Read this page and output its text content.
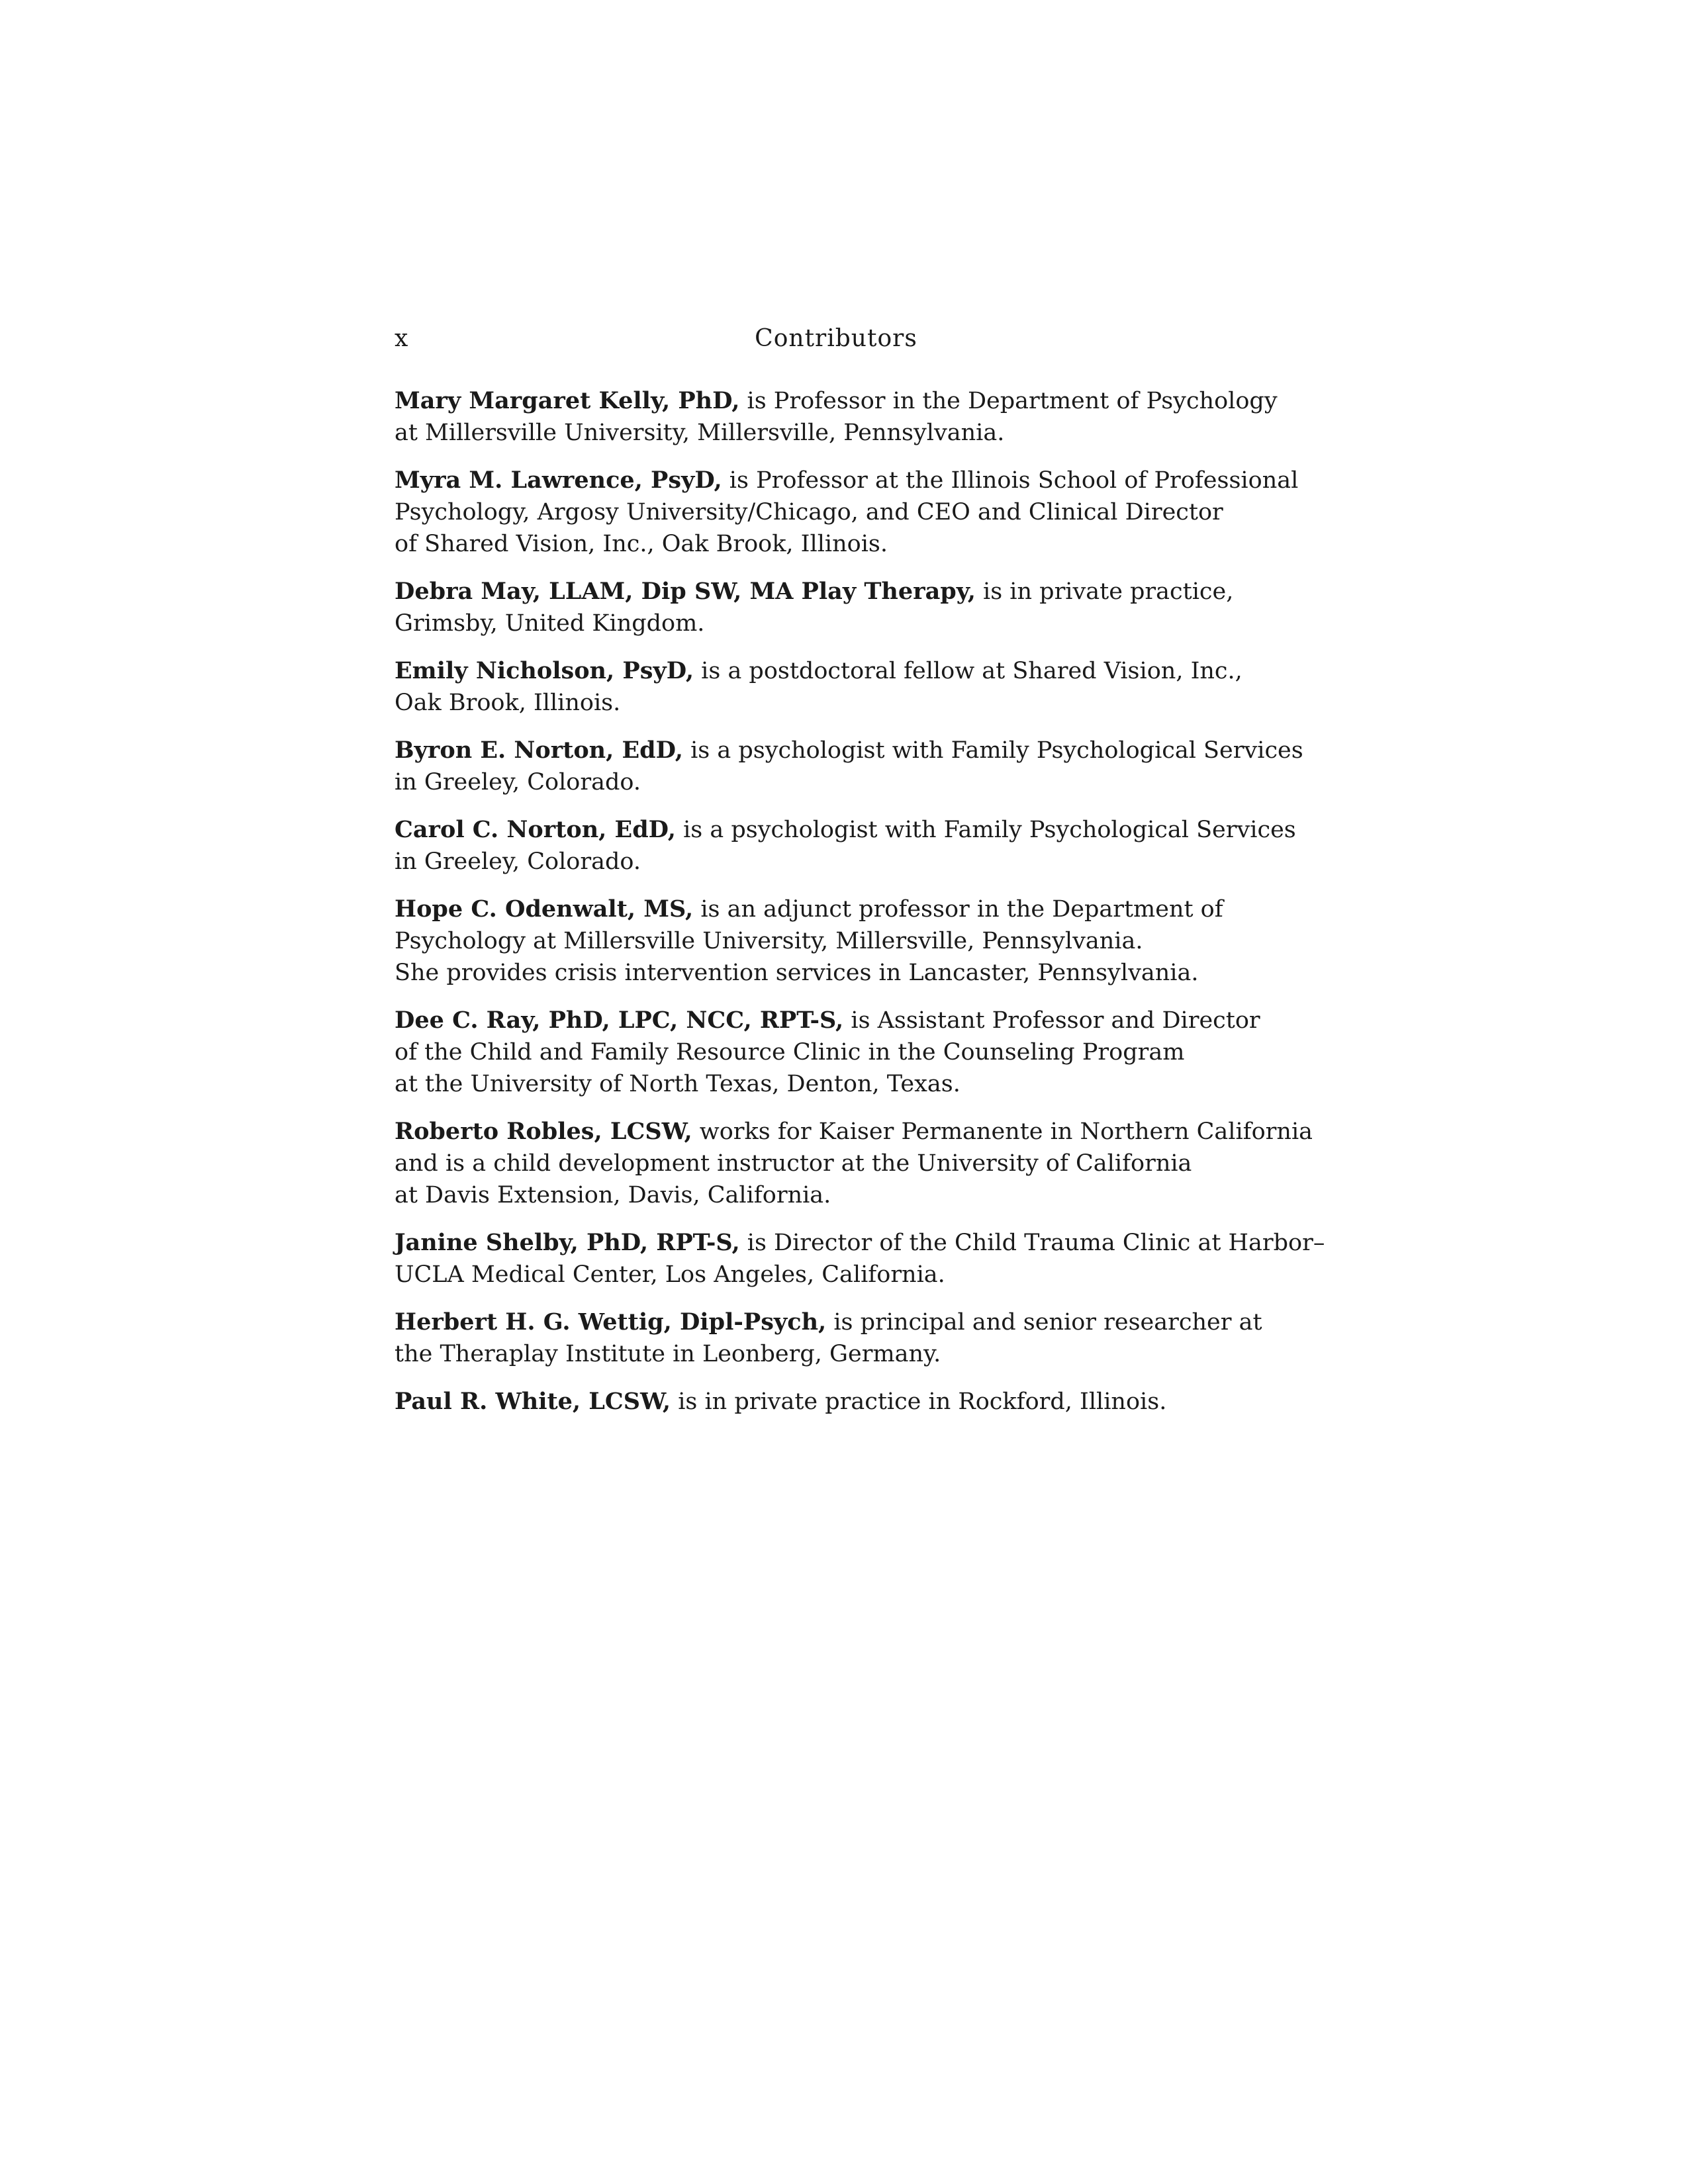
x	Contributors
Mary Margaret Kelly, PhD, is Professor in the Department of Psychology
at Millersville University, Millersville, Pennsylvania.
Myra M. Lawrence, PsyD, is Professor at the Illinois School of Professional
Psychology, Argosy University/Chicago, and CEO and Clinical Director
of Shared Vision, Inc., Oak Brook, Illinois.
Debra May, LLAM, Dip SW, MA Play Therapy, is in private practice,
Grimsby, United Kingdom.
Emily Nicholson, PsyD, is a postdoctoral fellow at Shared Vision, Inc.,
Oak Brook, Illinois.
Byron E. Norton, EdD, is a psychologist with Family Psychological Services
in Greeley, Colorado.
Carol C. Norton, EdD, is a psychologist with Family Psychological Services
in Greeley, Colorado.
Hope C. Odenwalt, MS, is an adjunct professor in the Department of
Psychology at Millersville University, Millersville, Pennsylvania.
She provides crisis intervention services in Lancaster, Pennsylvania.
Dee C. Ray, PhD, LPC, NCC, RPT-S, is Assistant Professor and Director
of the Child and Family Resource Clinic in the Counseling Program
at the University of North Texas, Denton, Texas.
Roberto Robles, LCSW, works for Kaiser Permanente in Northern California
and is a child development instructor at the University of California
at Davis Extension, Davis, California.
Janine Shelby, PhD, RPT-S, is Director of the Child Trauma Clinic at Harbor–
UCLA Medical Center, Los Angeles, California.
Herbert H. G. Wettig, Dipl-Psych, is principal and senior researcher at
the Theraplay Institute in Leonberg, Germany.
Paul R. White, LCSW, is in private practice in Rockford, Illinois.
